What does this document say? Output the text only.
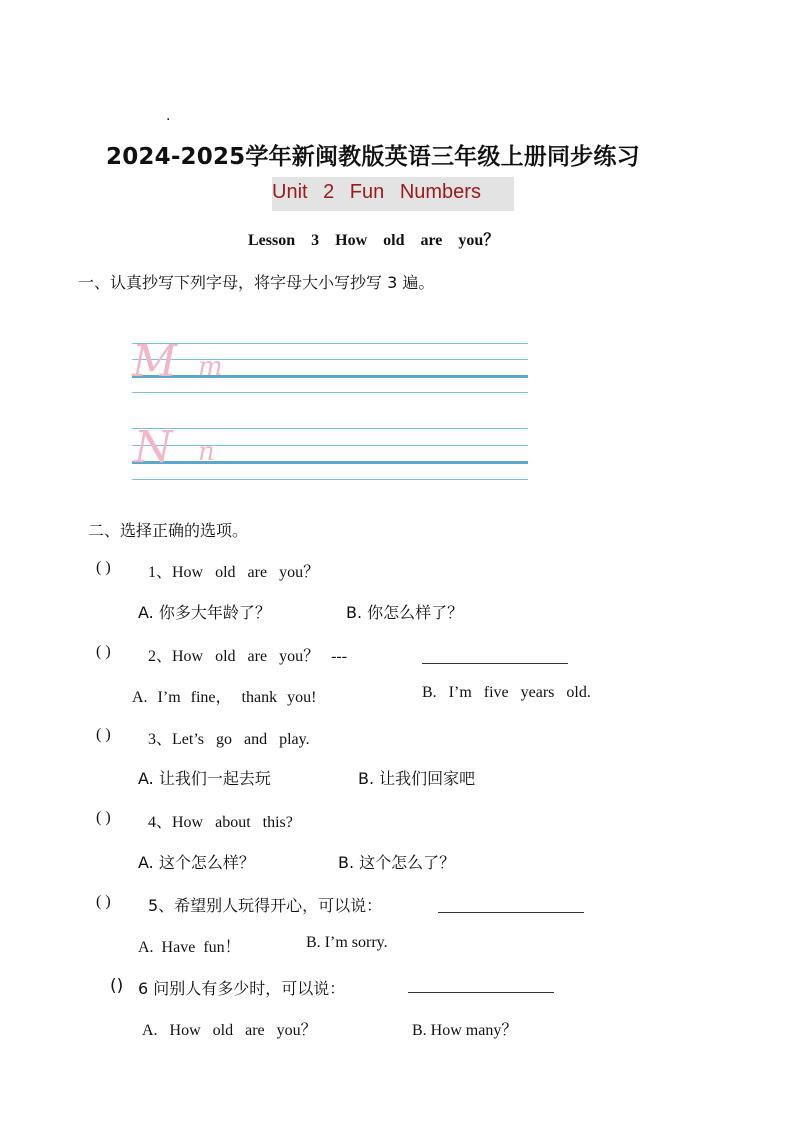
.
2024-2025学年新闽教版英语三年级上册同步练习
Unit 2 Fun Numbers
Lesson 3 How old are you？
一、认真抄写下列字母，将字母大小写抄写 3 遍。
M m
N n
二、选择正确的选项。
( ) 1、How old are you？
A. 你多大年龄了？	B. 你怎么样了？
( ) 2、How old are you？ ---
A. I’m fine， thank you!	B. I’m five years old.
( ) 3、Let’s go and play.
A. 让我们一起去玩	B. 让我们回家吧
( ) 4、How about this?
A. 这个怎么样？	B. 这个怎么了？
( ) 5、希望别人玩得开心，可以说：
A. Have fun！	B. I’m sorry.
() 6 问别人有多少时，可以说：
A. How old are you？	B. How many？
